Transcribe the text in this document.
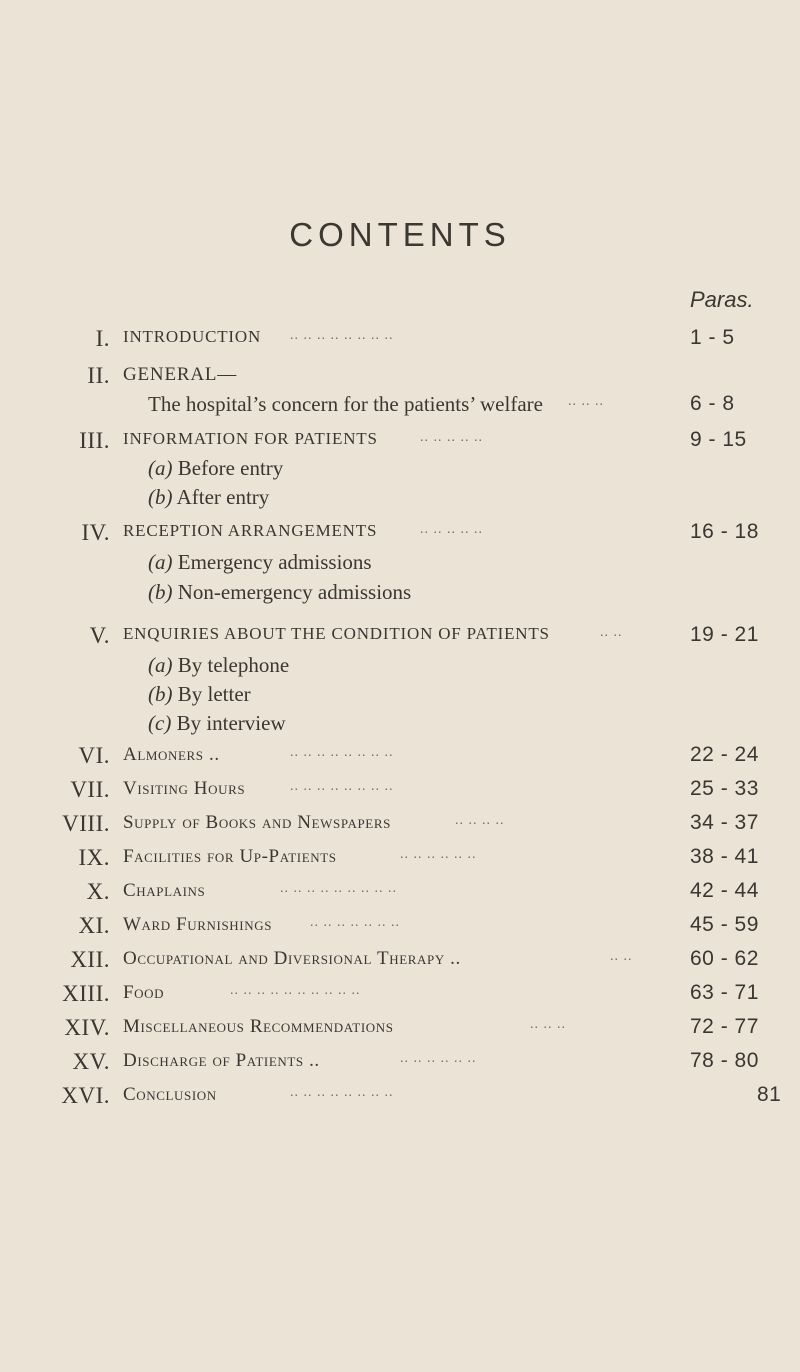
CONTENTS
Paras.
I. INTRODUCTION .. .. .. .. .. .. .. ..	1 - 5
II. GENERAL—
The hospital’s concern for the patients’ welfare .. .. ..	6 - 8
III. INFORMATION FOR PATIENTS	.. .. .. .. ..	9 - 15
(a) Before entry
(b) After entry
IV. RECEPTION ARRANGEMENTS	.. .. .. .. ..	16 - 18
(a) Emergency admissions
(b) Non-emergency admissions
V. ENQUIRIES ABOUT THE CONDITION OF PATIENTS	.. ..	19 - 21
(a) By telephone
(b) By letter
(c) By interview
VI. Almoners ..	.. .. .. .. .. .. .. ..	22 - 24
VII. Visiting Hours	.. .. .. .. .. .. .. ..	25 - 33
VIII. Supply of Books and Newspapers	.. .. .. ..	34 - 37
IX. Facilities for Up-Patients	.. .. .. .. .. ..	38 - 41
X. Chaplains	.. .. .. .. .. .. .. .. ..	42 - 44
XI. Ward Furnishings	.. .. .. .. .. .. ..	45 - 59
XII. Occupational and Diversional Therapy ..	.. ..	60 - 62
XIII. Food	.. .. .. .. .. .. .. .. .. ..	63 - 71
XIV. Miscellaneous Recommendations	.. .. ..	72 - 77
XV. Discharge of Patients ..	.. .. .. .. .. ..	78 - 80
XVI. Conclusion	.. .. .. .. .. .. .. ..	81
